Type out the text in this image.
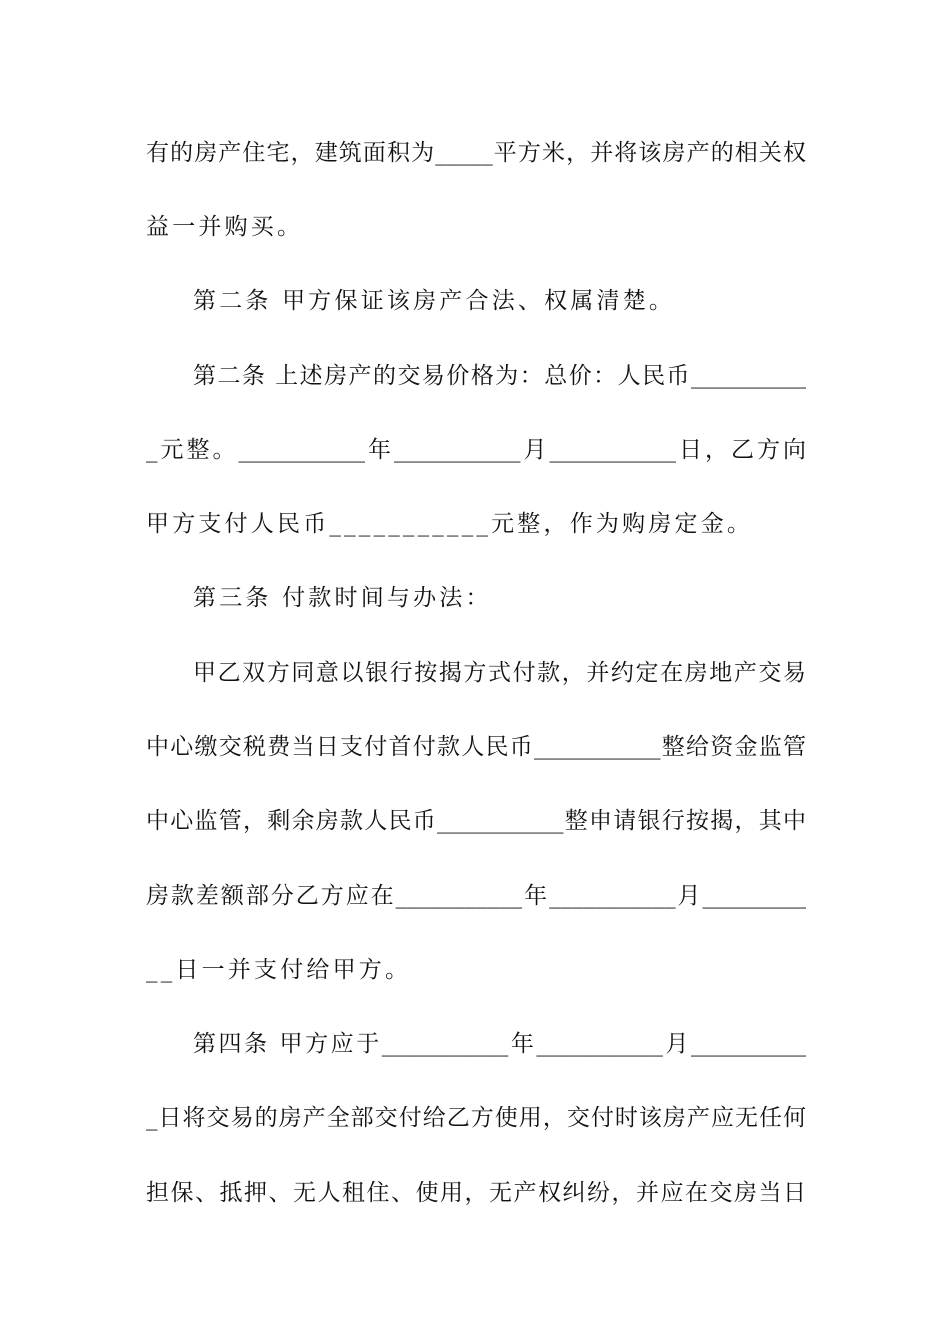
有的房产住宅，建筑面积为_____平方米，并将该房产的相关权
益一并购买。
第二条 甲方保证该房产合法、权属清楚。
第二条 上述房产的交易价格为：总价：人民币__________
_元整。___________年___________月___________日，乙方向
甲方支付人民币___________元整，作为购房定金。
第三条 付款时间与办法：
甲乙双方同意以银行按揭方式付款，并约定在房地产交易
中心缴交税费当日支付首付款人民币___________整给资金监管
中心监管，剩余房款人民币___________整申请银行按揭，其中
房款差额部分乙方应在___________年___________月_________
__日一并支付给甲方。
第四条 甲方应于___________年___________月__________
_日将交易的房产全部交付给乙方使用，交付时该房产应无任何
担保、抵押、无人租住、使用，无产权纠纷，并应在交房当日
